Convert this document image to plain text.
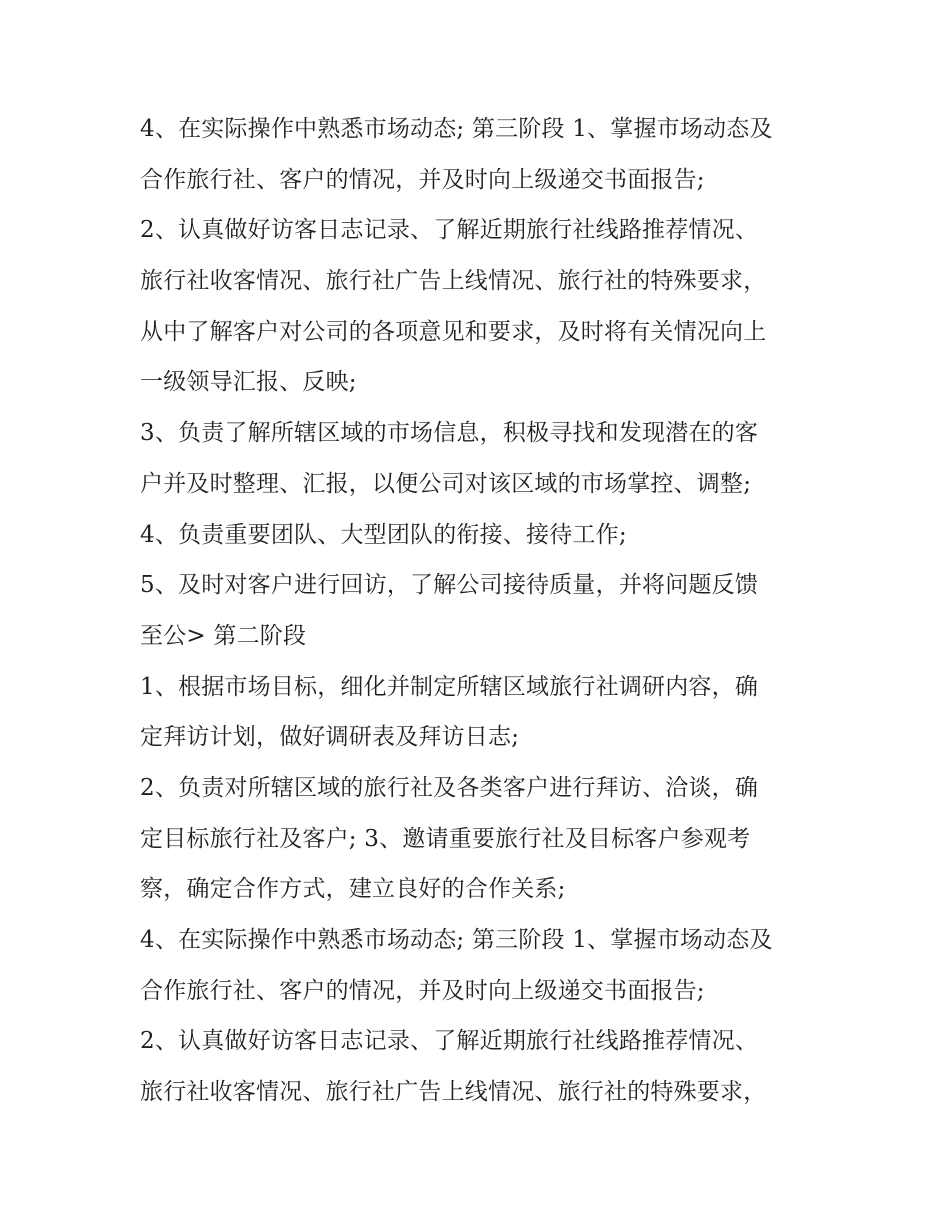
4、在实际操作中熟悉市场动态; 第三阶段 1、掌握市场动态及
合作旅行社、客户的情况，并及时向上级递交书面报告;
2、认真做好访客日志记录、了解近期旅行社线路推荐情况、
旅行社收客情况、旅行社广告上线情况、旅行社的特殊要求，
从中了解客户对公司的各项意见和要求，及时将有关情况向上
一级领导汇报、反映;
3、负责了解所辖区域的市场信息，积极寻找和发现潜在的客
户并及时整理、汇报，以便公司对该区域的市场掌控、调整;
4、负责重要团队、大型团队的衔接、接待工作;
5、及时对客户进行回访，了解公司接待质量，并将问题反馈
至公> 第二阶段
1、根据市场目标，细化并制定所辖区域旅行社调研内容，确
定拜访计划，做好调研表及拜访日志;
2、负责对所辖区域的旅行社及各类客户进行拜访、洽谈，确
定目标旅行社及客户; 3、邀请重要旅行社及目标客户参观考
察，确定合作方式，建立良好的合作关系;
4、在实际操作中熟悉市场动态; 第三阶段 1、掌握市场动态及
合作旅行社、客户的情况，并及时向上级递交书面报告;
2、认真做好访客日志记录、了解近期旅行社线路推荐情况、
旅行社收客情况、旅行社广告上线情况、旅行社的特殊要求，
